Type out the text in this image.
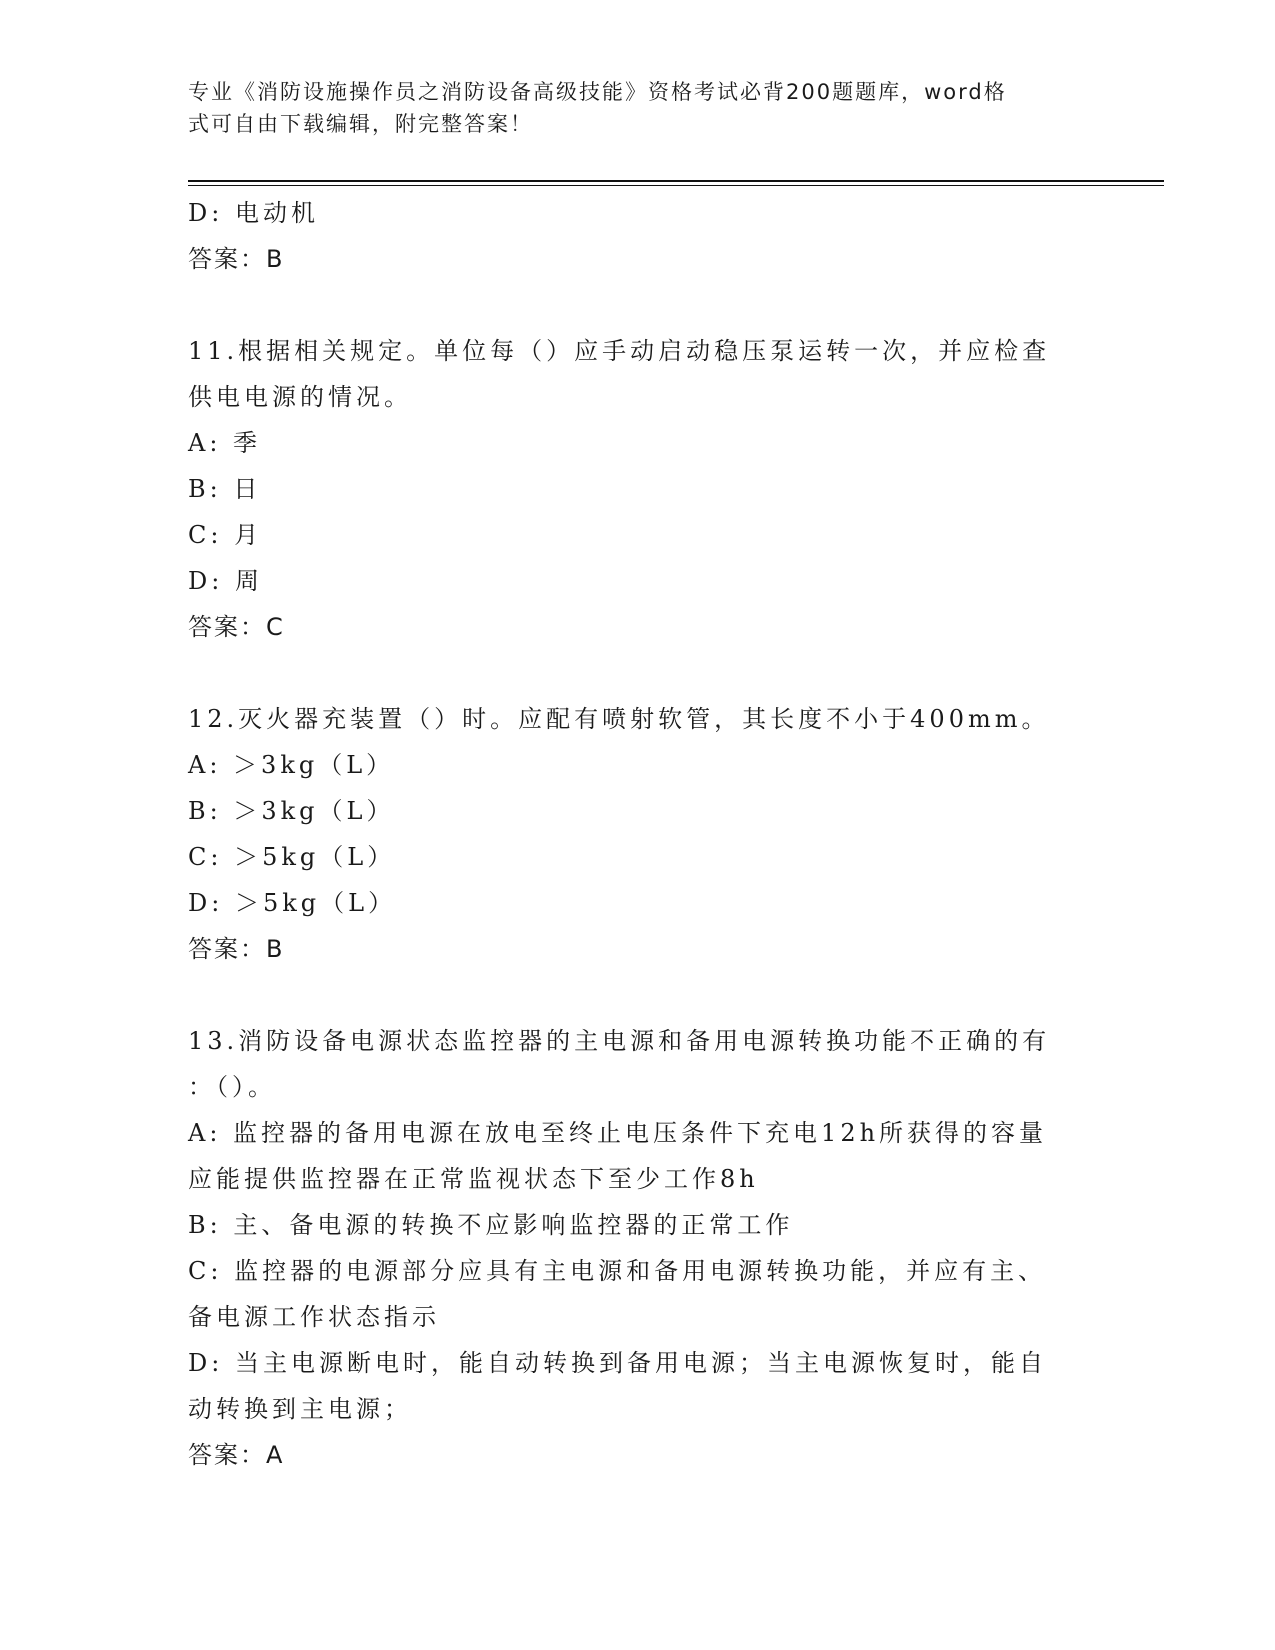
专业《消防设施操作员之消防设备高级技能》资格考试必背200题题库，word格
式可自由下载编辑，附完整答案！
D: 电动机
答案：B
11.根据相关规定。单位每（）应手动启动稳压泵运转一次，并应检查
供电电源的情况。
A: 季
B: 日
C: 月
D: 周
答案：C
12.灭火器充装置（）时。应配有喷射软管，其长度不小于400mm。
A: ＞3kg（L）
B: ＞3kg（L）
C: ＞5kg（L）
D: ＞5kg（L）
答案：B
13.消防设备电源状态监控器的主电源和备用电源转换功能不正确的有
：（）。
A: 监控器的备用电源在放电至终止电压条件下充电12h所获得的容量
应能提供监控器在正常监视状态下至少工作8h
B: 主、备电源的转换不应影响监控器的正常工作
C: 监控器的电源部分应具有主电源和备用电源转换功能，并应有主、
备电源工作状态指示
D: 当主电源断电时，能自动转换到备用电源；当主电源恢复时，能自
动转换到主电源；
答案：A
